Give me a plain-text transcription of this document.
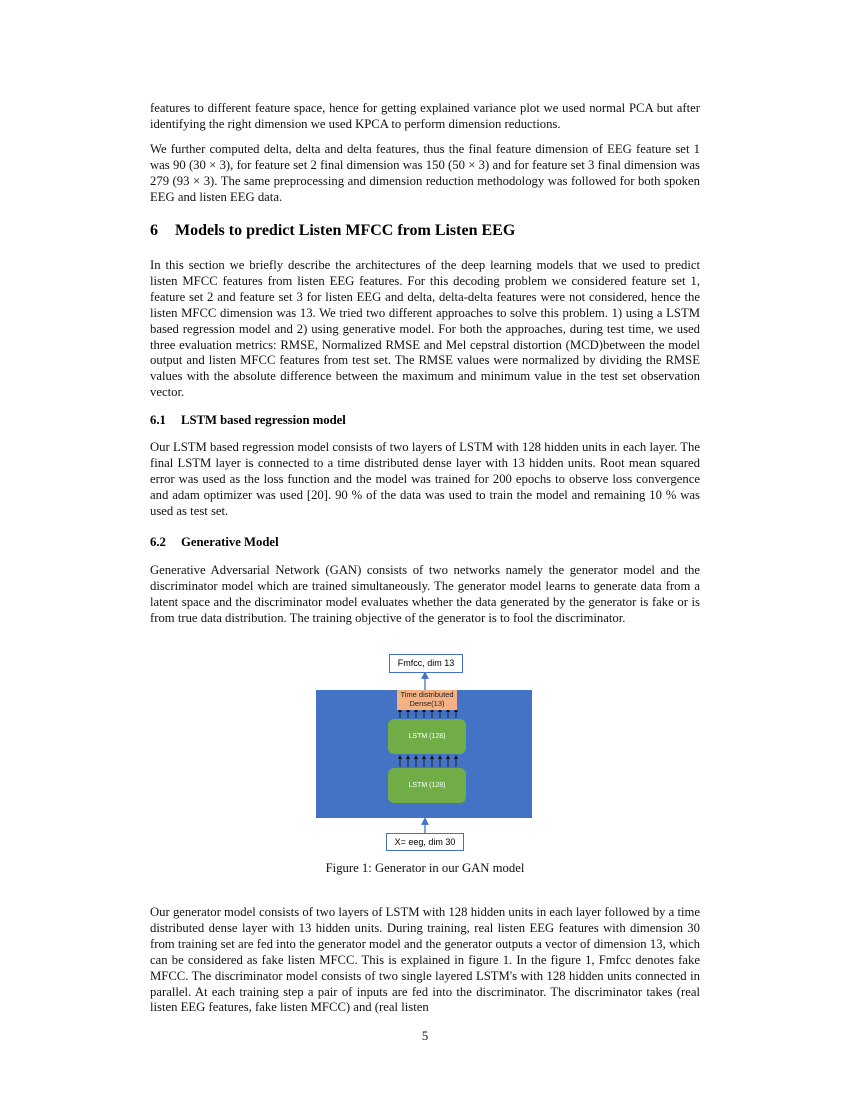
features to different feature space, hence for getting explained variance plot we used normal PCA but after identifying the right dimension we used KPCA to perform dimension reductions.
We further computed delta, delta and delta features, thus the final feature dimension of EEG feature set 1 was 90 (30 × 3), for feature set 2 final dimension was 150 (50 × 3) and for feature set 3 final dimension was 279 (93 × 3). The same preprocessing and dimension reduction methodology was followed for both spoken EEG and listen EEG data.
6 Models to predict Listen MFCC from Listen EEG
In this section we briefly describe the architectures of the deep learning models that we used to predict listen MFCC features from listen EEG features. For this decoding problem we considered feature set 1, feature set 2 and feature set 3 for listen EEG and delta, delta-delta features were not considered, hence the listen MFCC dimension was 13. We tried two different approaches to solve this problem. 1) using a LSTM based regression model and 2) using generative model. For both the approaches, during test time, we used three evaluation metrics: RMSE, Normalized RMSE and Mel cepstral distortion (MCD)between the model output and listen MFCC features from test set. The RMSE values were normalized by dividing the RMSE values with the absolute difference between the maximum and minimum value in the test set observation vector.
6.1 LSTM based regression model
Our LSTM based regression model consists of two layers of LSTM with 128 hidden units in each layer. The final LSTM layer is connected to a time distributed dense layer with 13 hidden units. Root mean squared error was used as the loss function and the model was trained for 200 epochs to observe loss convergence and adam optimizer was used [20]. 90 % of the data was used to train the model and remaining 10 % was used as test set.
6.2 Generative Model
Generative Adversarial Network (GAN) consists of two networks namely the generator model and the discriminator model which are trained simultaneously. The generator model learns to generate data from a latent space and the discriminator model evaluates whether the data generated by the generator is fake or is from true data distribution. The training objective of the generator is to fool the discriminator.
Fmfcc, dim 13
Time distributed
Dense(13)
LSTM (128)
LSTM (128)
X= eeg, dim 30
Figure 1: Generator in our GAN model
Our generator model consists of two layers of LSTM with 128 hidden units in each layer followed by a time distributed dense layer with 13 hidden units. During training, real listen EEG features with dimension 30 from training set are fed into the generator model and the generator outputs a vector of dimension 13, which can be considered as fake listen MFCC. This is explained in figure 1. In the figure 1, Fmfcc denotes fake MFCC. The discriminator model consists of two single layered LSTM's with 128 hidden units connected in parallel. At each training step a pair of inputs are fed into the discriminator. The discriminator takes (real listen EEG features, fake listen MFCC) and (real listen
5
